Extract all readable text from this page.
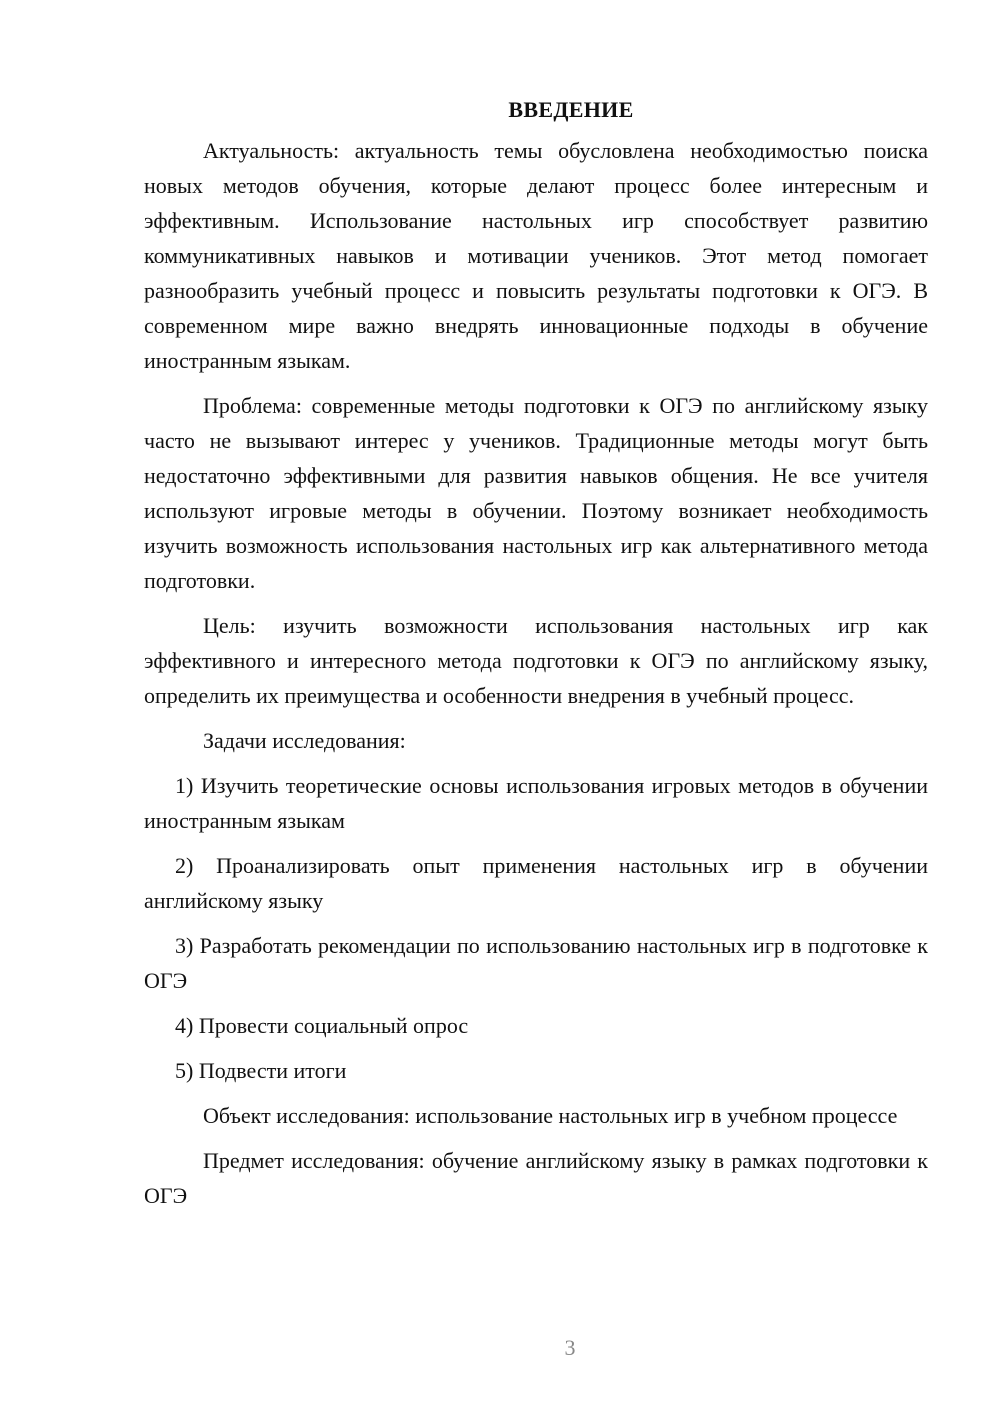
ВВЕДЕНИЕ

Актуальность: актуальность темы обусловлена необходимостью поиска новых методов обучения, которые делают процесс более интересным и эффективным. Использование настольных игр способствует развитию коммуникативных навыков и мотивации учеников. Этот метод помогает разнообразить учебный процесс и повысить результаты подготовки к ОГЭ. В современном мире важно внедрять инновационные подходы в обучение иностранным языкам.

Проблема: современные методы подготовки к ОГЭ по английскому языку часто не вызывают интерес у учеников. Традиционные методы могут быть недостаточно эффективными для развития навыков общения. Не все учителя используют игровые методы в обучении. Поэтому возникает необходимость изучить возможность использования настольных игр как альтернативного метода подготовки.

Цель: изучить возможности использования настольных игр как эффективного и интересного метода подготовки к ОГЭ по английскому языку, определить их преимущества и особенности внедрения в учебный процесс.

Задачи исследования:

1) Изучить теоретические основы использования игровых методов в обучении иностранным языкам

2) Проанализировать опыт применения настольных игр в обучении английскому языку

3) Разработать рекомендации по использованию настольных игр в подготовке к ОГЭ

4) Провести социальный опрос

5) Подвести итоги

Объект исследования: использование настольных игр в учебном процессе

Предмет исследования: обучение английскому языку в рамках подготовки к ОГЭ

3
